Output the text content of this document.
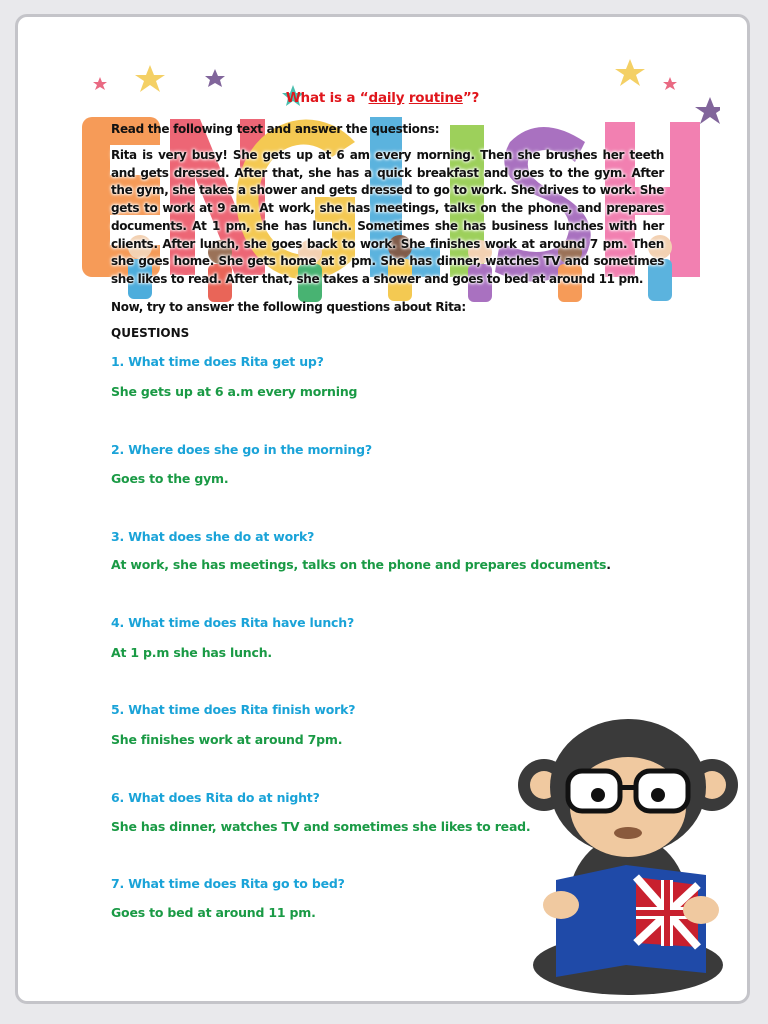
What is a “daily routine”?
Read the following text and answer the questions:
Rita is very busy! She gets up at 6 am every morning. Then she brushes her teeth and gets dressed. After that, she has a quick breakfast and goes to the gym. After the gym, she takes a shower and gets dressed to go to work. She drives to work. She gets to work at 9 am. At work, she has meetings, talks on the phone, and prepares documents. At 1 pm, she has lunch. Sometimes she has business lunches with her clients. After lunch, she goes back to work. She finishes work at around 7 pm. Then she goes home. She gets home at 8 pm. She has dinner, watches TV and sometimes she likes to read. After that, she takes a shower and goes to bed at around 11 pm.
Now, try to answer the following questions about Rita:
QUESTIONS
1. What time does Rita get up?
She gets up at 6 a.m every morning
2. Where does she go in the morning?
Goes to the gym.
3. What does she do at work?
At work, she has meetings, talks on the phone and prepares documents.
4. What time does Rita have lunch?
At 1 p.m she has lunch.
5. What time does Rita finish work?
She finishes work at around 7pm.
6. What does Rita do at night?
She has dinner, watches TV and sometimes she likes to read.
7. What time does Rita go to bed?
Goes to bed at around 11 pm.
